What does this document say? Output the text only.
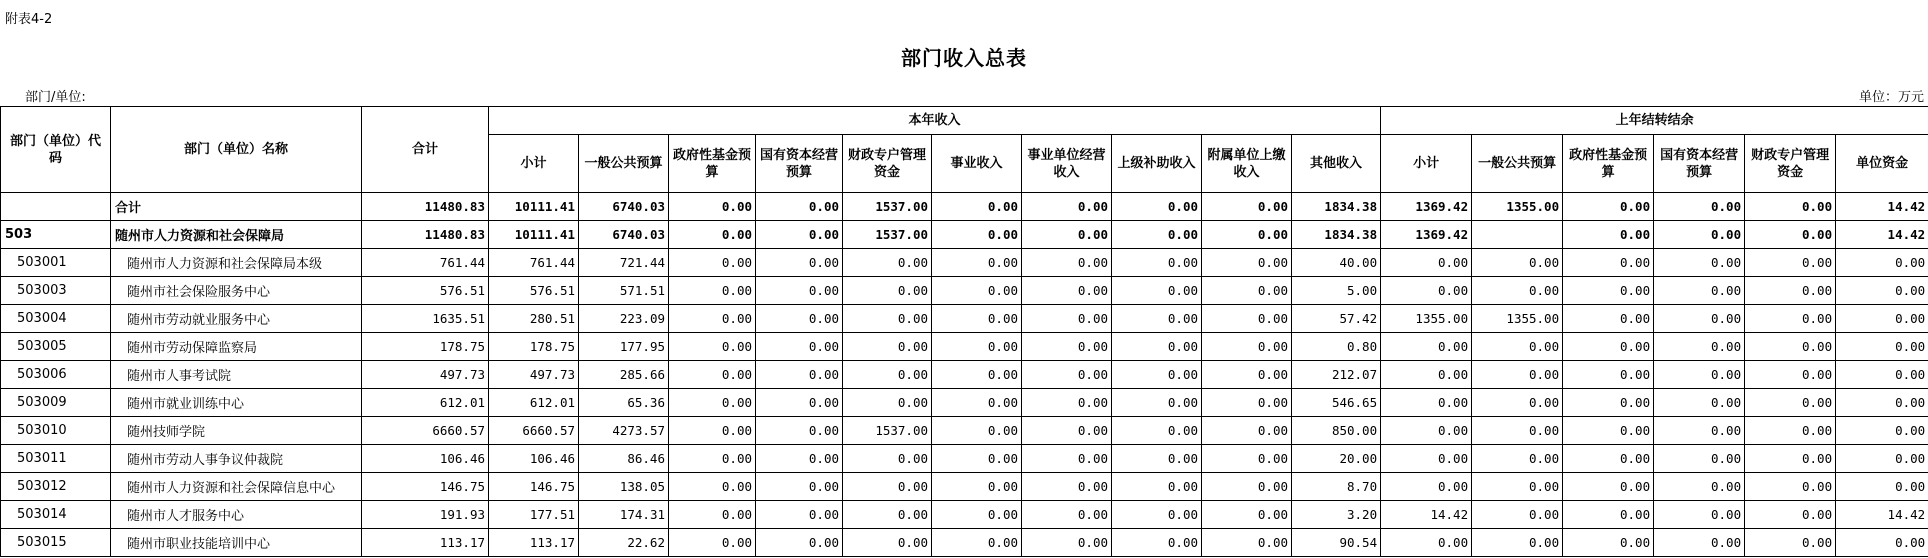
附表4-2
部门收入总表
部门/单位:	单位：万元
部门（单位）代码	部门（单位）名称	合计	本年收入										上年结转结余					
			小计	一般公共预算	政府性基金预算	国有资本经营预算	财政专户管理资金	事业收入	事业单位经营收入	上级补助收入	附属单位上缴收入	其他收入	小计	一般公共预算	政府性基金预算	国有资本经营预算	财政专户管理资金	单位资金
	合计	11480.83	10111.41	6740.03	0.00	0.00	1537.00	0.00	0.00	0.00	0.00	1834.38	1369.42	1355.00	0.00	0.00	0.00	14.42
503	随州市人力资源和社会保障局	11480.83	10111.41	6740.03	0.00	0.00	1537.00	0.00	0.00	0.00	0.00	1834.38	1369.42		0.00	0.00	0.00	14.42
503001	随州市人力资源和社会保障局本级	761.44	761.44	721.44	0.00	0.00	0.00	0.00	0.00	0.00	0.00	40.00	0.00	0.00	0.00	0.00	0.00	0.00
503003	随州市社会保险服务中心	576.51	576.51	571.51	0.00	0.00	0.00	0.00	0.00	0.00	0.00	5.00	0.00	0.00	0.00	0.00	0.00	0.00
503004	随州市劳动就业服务中心	1635.51	280.51	223.09	0.00	0.00	0.00	0.00	0.00	0.00	0.00	57.42	1355.00	1355.00	0.00	0.00	0.00	0.00
503005	随州市劳动保障监察局	178.75	178.75	177.95	0.00	0.00	0.00	0.00	0.00	0.00	0.00	0.80	0.00	0.00	0.00	0.00	0.00	0.00
503006	随州市人事考试院	497.73	497.73	285.66	0.00	0.00	0.00	0.00	0.00	0.00	0.00	212.07	0.00	0.00	0.00	0.00	0.00	0.00
503009	随州市就业训练中心	612.01	612.01	65.36	0.00	0.00	0.00	0.00	0.00	0.00	0.00	546.65	0.00	0.00	0.00	0.00	0.00	0.00
503010	随州技师学院	6660.57	6660.57	4273.57	0.00	0.00	1537.00	0.00	0.00	0.00	0.00	850.00	0.00	0.00	0.00	0.00	0.00	0.00
503011	随州市劳动人事争议仲裁院	106.46	106.46	86.46	0.00	0.00	0.00	0.00	0.00	0.00	0.00	20.00	0.00	0.00	0.00	0.00	0.00	0.00
503012	随州市人力资源和社会保障信息中心	146.75	146.75	138.05	0.00	0.00	0.00	0.00	0.00	0.00	0.00	8.70	0.00	0.00	0.00	0.00	0.00	0.00
503014	随州市人才服务中心	191.93	177.51	174.31	0.00	0.00	0.00	0.00	0.00	0.00	0.00	3.20	14.42	0.00	0.00	0.00	0.00	14.42
503015	随州市职业技能培训中心	113.17	113.17	22.62	0.00	0.00	0.00	0.00	0.00	0.00	0.00	90.54	0.00	0.00	0.00	0.00	0.00	0.00
